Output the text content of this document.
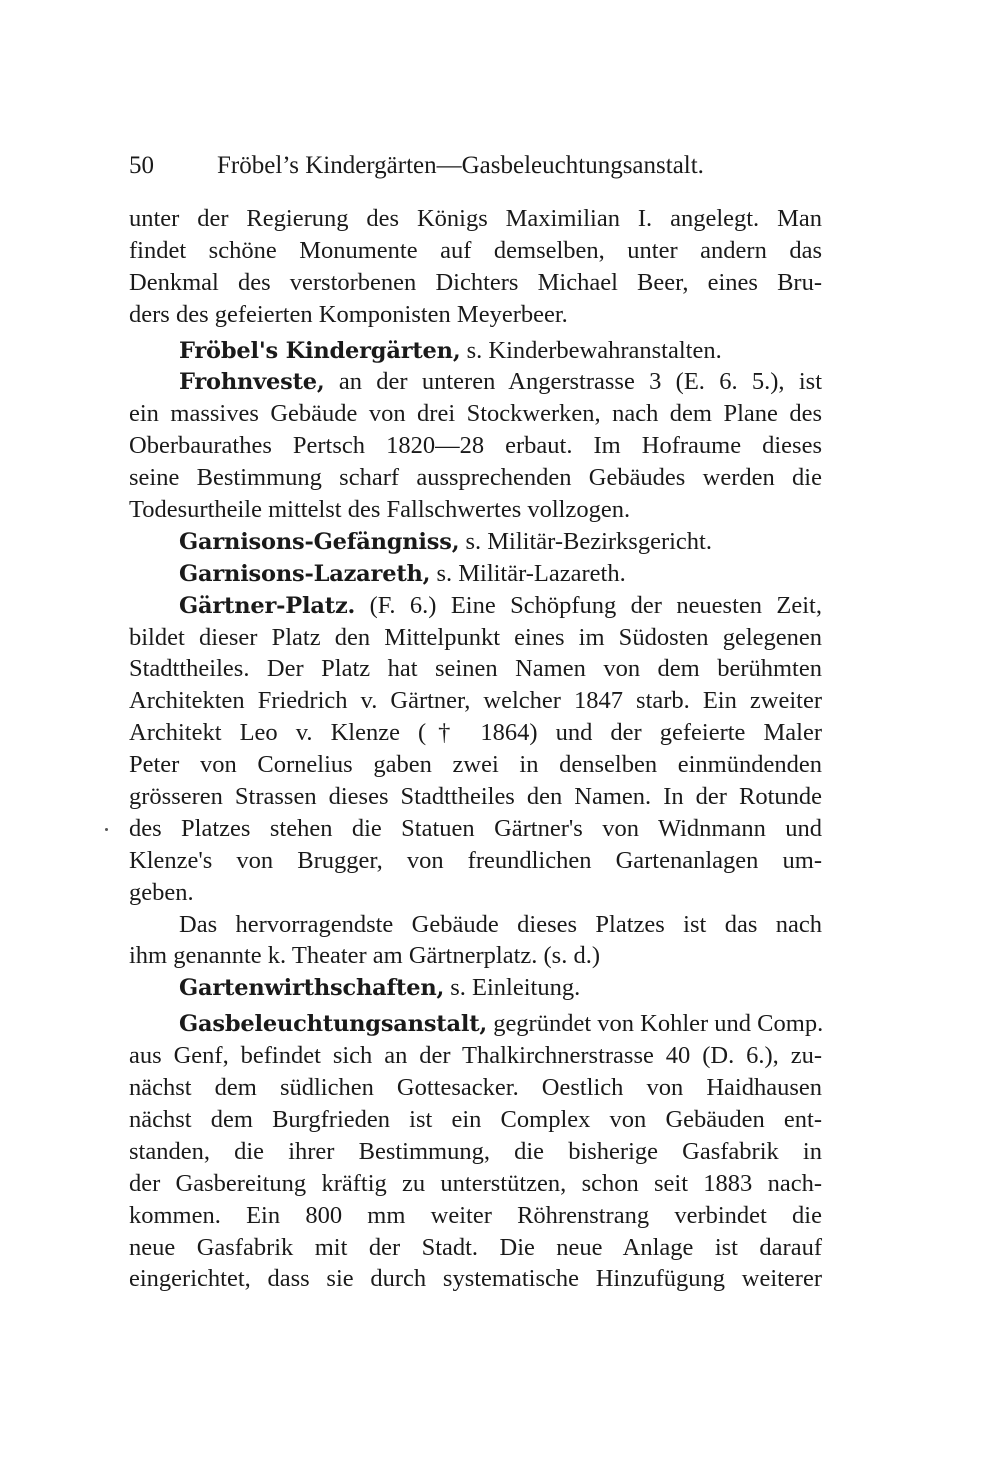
50	Fröbel’s Kindergärten—Gasbeleuchtungsanstalt.
unter der Regierung des Königs Maximilian I. angelegt. Man
findet schöne Monumente auf demselben, unter andern das
Denkmal des verstorbenen Dichters Michael Beer, eines Bru-
ders des gefeierten Komponisten Meyerbeer.
Fröbel's Kindergärten, s. Kinderbewahranstalten.
Frohnveste, an der unteren Angerstrasse 3 (E. 6. 5.), ist
ein massives Gebäude von drei Stockwerken, nach dem Plane des
Oberbaurathes Pertsch 1820—28 erbaut. Im Hofraume dieses
seine Bestimmung scharf aussprechenden Gebäudes werden die
Todesurtheile mittelst des Fallschwertes vollzogen.
Garnisons-Gefängniss, s. Militär-Bezirksgericht.
Garnisons-Lazareth, s. Militär-Lazareth.
Gärtner-Platz. (F. 6.) Eine Schöpfung der neuesten Zeit,
bildet dieser Platz den Mittelpunkt eines im Südosten gelegenen
Stadttheiles. Der Platz hat seinen Namen von dem berühmten
Architekten Friedrich v. Gärtner, welcher 1847 starb. Ein zweiter
Architekt Leo v. Klenze († 1864) und der gefeierte Maler
Peter von Cornelius gaben zwei in denselben einmündenden
grösseren Strassen dieses Stadttheiles den Namen. In der Rotunde
des Platzes stehen die Statuen Gärtner's von Widnmann und
Klenze's von Brugger, von freundlichen Gartenanlagen um-
geben.
Das hervorragendste Gebäude dieses Platzes ist das nach
ihm genannte k. Theater am Gärtnerplatz. (s. d.)
Gartenwirthschaften, s. Einleitung.
Gasbeleuchtungsanstalt, gegründet von Kohler und Comp.
aus Genf, befindet sich an der Thalkirchnerstrasse 40 (D. 6.), zu-
nächst dem südlichen Gottesacker. Oestlich von Haidhausen
nächst dem Burgfrieden ist ein Complex von Gebäuden ent-
standen, die ihrer Bestimmung, die bisherige Gasfabrik in
der Gasbereitung kräftig zu unterstützen, schon seit 1883 nach-
kommen. Ein 800 mm weiter Röhrenstrang verbindet die
neue Gasfabrik mit der Stadt. Die neue Anlage ist darauf
eingerichtet, dass sie durch systematische Hinzufügung weiterer
